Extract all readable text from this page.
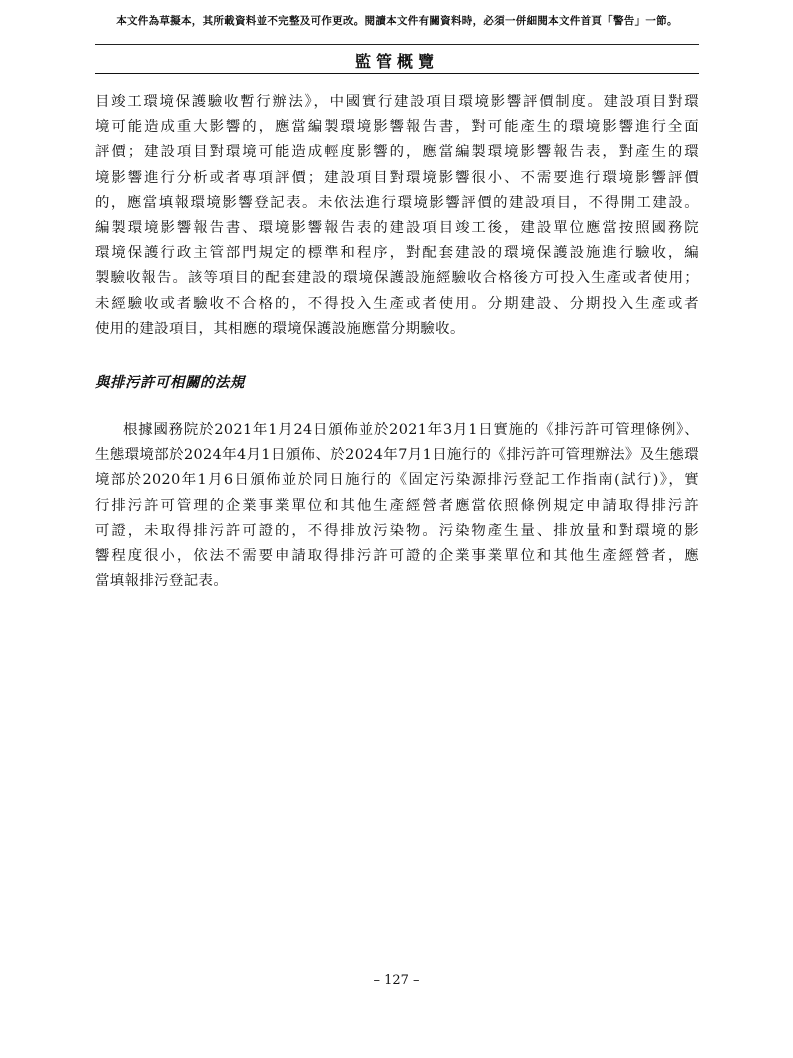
本文件為草擬本，其所載資料並不完整及可作更改。閱讀本文件有關資料時，必須一併細閱本文件首頁「警告」一節。
監管概覽
目竣工環境保護驗收暫行辦法》，中國實行建設項目環境影響評價制度。建設項目對環
境可能造成重大影響的，應當編製環境影響報告書，對可能產生的環境影響進行全面
評價；建設項目對環境可能造成輕度影響的，應當編製環境影響報告表，對產生的環
境影響進行分析或者專項評價；建設項目對環境影響很小、不需要進行環境影響評價
的，應當填報環境影響登記表。未依法進行環境影響評價的建設項目，不得開工建設。
編製環境影響報告書、環境影響報告表的建設項目竣工後，建設單位應當按照國務院
環境保護行政主管部門規定的標準和程序，對配套建設的環境保護設施進行驗收，編
製驗收報告。該等項目的配套建設的環境保護設施經驗收合格後方可投入生產或者使用；
未經驗收或者驗收不合格的，不得投入生產或者使用。分期建設、分期投入生產或者
使用的建設項目，其相應的環境保護設施應當分期驗收。
與排污許可相關的法規
根據國務院於2021年1月24日頒佈並於2021年3月1日實施的《排污許可管理條例》、
生態環境部於2024年4月1日頒佈、於2024年7月1日施行的《排污許可管理辦法》及生態環
境部於2020年1月6日頒佈並於同日施行的《固定污染源排污登記工作指南(試行)》，實
行排污許可管理的企業事業單位和其他生產經營者應當依照條例規定申請取得排污許
可證，未取得排污許可證的，不得排放污染物。污染物產生量、排放量和對環境的影
響程度很小，依法不需要申請取得排污許可證的企業事業單位和其他生產經營者，應
當填報排污登記表。
– 127 –
